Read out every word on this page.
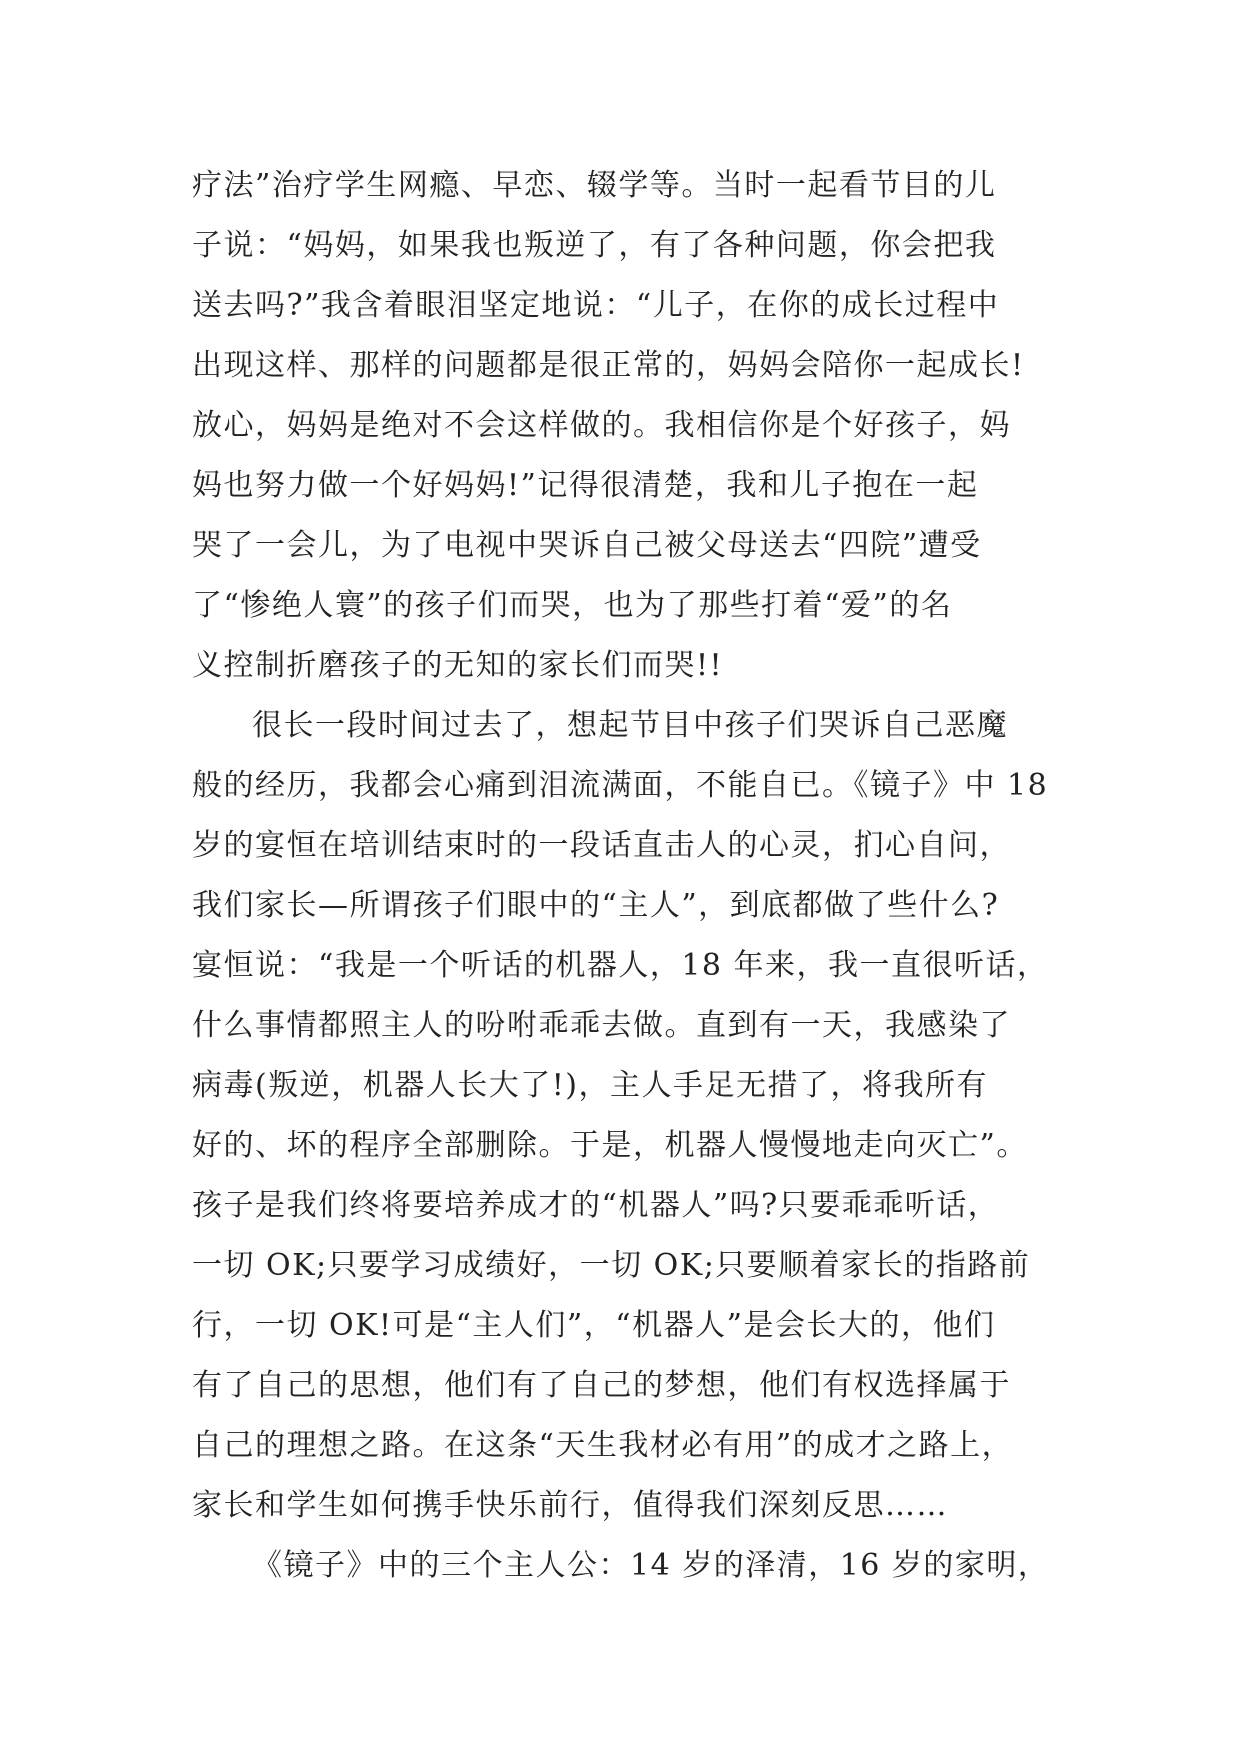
疗法”治疗学生网瘾、早恋、辍学等。当时一起看节目的儿
子说：“妈妈，如果我也叛逆了，有了各种问题，你会把我
送去吗?”我含着眼泪坚定地说：“儿子，在你的成长过程中
出现这样、那样的问题都是很正常的，妈妈会陪你一起成长!
放心，妈妈是绝对不会这样做的。我相信你是个好孩子，妈
妈也努力做一个好妈妈!”记得很清楚，我和儿子抱在一起
哭了一会儿，为了电视中哭诉自己被父母送去“四院”遭受
了“惨绝人寰”的孩子们而哭，也为了那些打着“爱”的名
义控制折磨孩子的无知的家长们而哭!!
很长一段时间过去了，想起节目中孩子们哭诉自己恶魔
般的经历，我都会心痛到泪流满面，不能自已。《镜子》中 18
岁的宴恒在培训结束时的一段话直击人的心灵，扪心自问，
我们家长—所谓孩子们眼中的“主人”，到底都做了些什么?
宴恒说：“我是一个听话的机器人，18 年来，我一直很听话，
什么事情都照主人的吩咐乖乖去做。直到有一天，我感染了
病毒(叛逆，机器人长大了!)，主人手足无措了，将我所有
好的、坏的程序全部删除。于是，机器人慢慢地走向灭亡”。
孩子是我们终将要培养成才的“机器人”吗?只要乖乖听话，
一切 OK;只要学习成绩好，一切 OK;只要顺着家长的指路前
行，一切 OK!可是“主人们”，“机器人”是会长大的，他们
有了自己的思想，他们有了自己的梦想，他们有权选择属于
自己的理想之路。在这条“天生我材必有用”的成才之路上，
家长和学生如何携手快乐前行，值得我们深刻反思……
《镜子》中的三个主人公：14 岁的泽清，16 岁的家明，
